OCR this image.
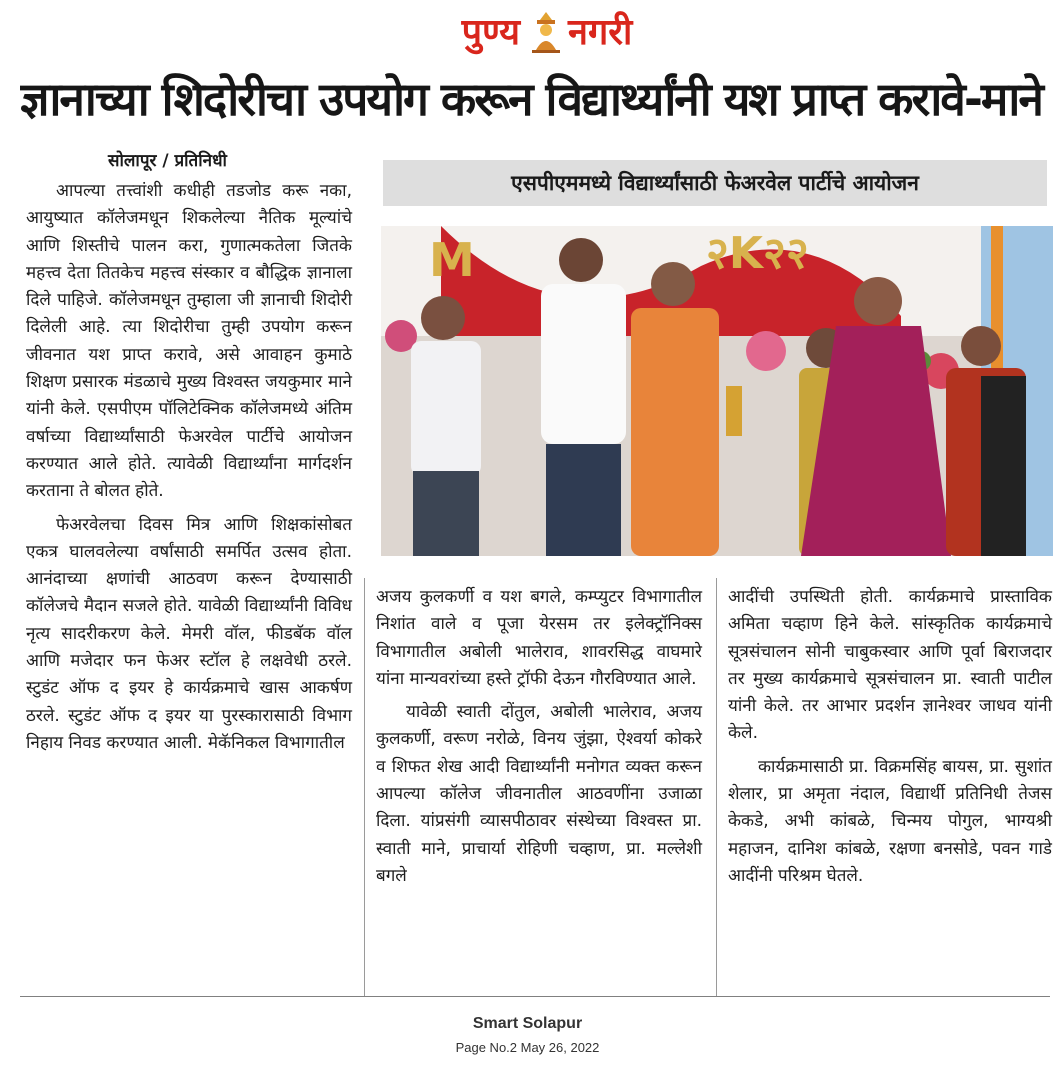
पुण्य नगरी
ज्ञानाच्या शिदोरीचा उपयोग करून विद्यार्थ्यांनी यश प्राप्त करावे-माने
सोलापूर / प्रतिनिधी

आपल्या तत्त्वांशी कधीही तडजोड करू नका, आयुष्यात कॉलेजमधून शिकलेल्या नैतिक मूल्यांचे आणि शिस्तीचे पालन करा, गुणात्मकतेला जितके महत्त्व देता तितकेच महत्त्व संस्कार व बौद्धिक ज्ञानाला दिले पाहिजे. कॉलेजमधून तुम्हाला जी ज्ञानाची शिदोरी दिलेली आहे. त्या शिदोरीचा तुम्ही उपयोग करून जीवनात यश प्राप्त करावे, असे आवाहन कुमाठे शिक्षण प्रसारक मंडळाचे मुख्य विश्वस्त जयकुमार माने यांनी केले. एसपीएम पॉलिटेक्निक कॉलेजमध्ये अंतिम वर्षाच्या विद्यार्थ्यांसाठी फेअरवेल पार्टीचे आयोजन करण्यात आले होते. त्यावेळी विद्यार्थ्यांना मार्गदर्शन करताना ते बोलत होते.

फेअरवेलचा दिवस मित्र आणि शिक्षकांसोबत एकत्र घालवलेल्या वर्षांसाठी समर्पित उत्सव होता. आनंदाच्या क्षणांची आठवण करून देण्यासाठी कॉलेजचे मैदान सजले होते. यावेळी विद्यार्थ्यांनी विविध नृत्य सादरीकरण केले. मेमरी वॉल, फीडबॅक वॉल आणि मजेदार फन फेअर स्टॉल हे लक्षवेधी ठरले. स्टुडंट ऑफ द इयर हे कार्यक्रमाचे खास आकर्षण ठरले. स्टुडंट ऑफ द इयर या पुरस्कारासाठी विभाग निहाय निवड करण्यात आली. मेकॅनिकल विभागातील

एसपीएममध्ये विद्यार्थ्यांसाठी फेअरवेल पार्टीचे आयोजन
M	२K२२

अजय कुलकर्णी व यश बगले, कम्प्युटर विभागातील निशांत वाले व पूजा येरसम तर इलेक्ट्रॉनिक्स विभागातील अबोली भालेराव, शावरसिद्ध वाघमारे यांना मान्यवरांच्या हस्ते ट्रॉफी देऊन गौरविण्यात आले.

यावेळी स्वाती दोंतुल, अबोली भालेराव, अजय कुलकर्णी, वरूण नरोळे, विनय जुंझा, ऐश्वर्या कोकरे व शिफत शेख आदी विद्यार्थ्यांनी मनोगत व्यक्त करून आपल्या कॉलेज जीवनातील आठवणींना उजाळा दिला. यांप्रसंगी व्यासपीठावर संस्थेच्या विश्वस्त प्रा. स्वाती माने, प्राचार्या रोहिणी चव्हाण, प्रा. मल्लेशी बगले

आदींची उपस्थिती होती. कार्यक्रमाचे प्रास्ताविक अमिता चव्हाण हिने केले. सांस्कृतिक कार्यक्रमाचे सूत्रसंचालन सोनी चाबुकस्वार आणि पूर्वा बिराजदार तर मुख्य कार्यक्रमाचे सूत्रसंचालन प्रा. स्वाती पाटील यांनी केले. तर आभार प्रदर्शन ज्ञानेश्वर जाधव यांनी केले.

कार्यक्रमासाठी प्रा. विक्रमसिंह बायस, प्रा. सुशांत शेलार, प्रा अमृता नंदाल, विद्यार्थी प्रतिनिधी तेजस केकडे, अभी कांबळे, चिन्मय पोगुल, भाग्यश्री महाजन, दानिश कांबळे, रक्षणा बनसोडे, पवन गाडे आदींनी परिश्रम घेतले.

Smart Solapur
Page No.2 May 26, 2022
